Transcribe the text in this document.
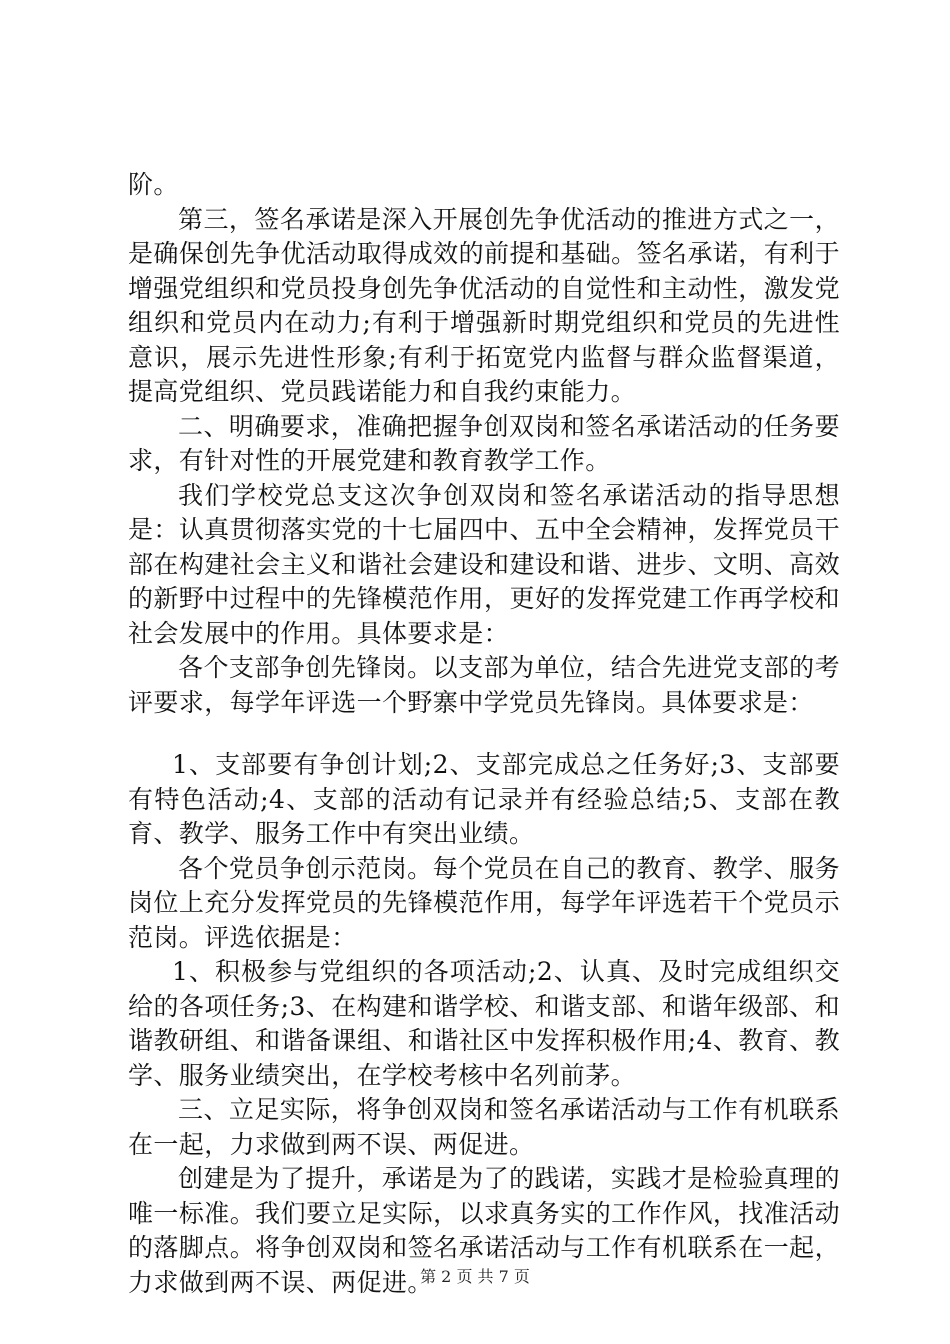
阶。

第三，签名承诺是深入开展创先争优活动的推进方式之一，是确保创先争优活动取得成效的前提和基础。签名承诺，有利于增强党组织和党员投身创先争优活动的自觉性和主动性，激发党组织和党员内在动力;有利于增强新时期党组织和党员的先进性意识，展示先进性形象;有利于拓宽党内监督与群众监督渠道，提高党组织、党员践诺能力和自我约束能力。

二、明确要求，准确把握争创双岗和签名承诺活动的任务要求，有针对性的开展党建和教育教学工作。

我们学校党总支这次争创双岗和签名承诺活动的指导思想是：认真贯彻落实党的十七届四中、五中全会精神，发挥党员干部在构建社会主义和谐社会建设和建设和谐、进步、文明、高效的新野中过程中的先锋模范作用，更好的发挥党建工作再学校和社会发展中的作用。具体要求是：

各个支部争创先锋岗。以支部为单位，结合先进党支部的考评要求，每学年评选一个野寨中学党员先锋岗。具体要求是：

1、支部要有争创计划;2、支部完成总之任务好;3、支部要有特色活动;4、支部的活动有记录并有经验总结;5、支部在教育、教学、服务工作中有突出业绩。

各个党员争创示范岗。每个党员在自己的教育、教学、服务岗位上充分发挥党员的先锋模范作用，每学年评选若干个党员示范岗。评选依据是：

1、积极参与党组织的各项活动;2、认真、及时完成组织交给的各项任务;3、在构建和谐学校、和谐支部、和谐年级部、和谐教研组、和谐备课组、和谐社区中发挥积极作用;4、教育、教学、服务业绩突出，在学校考核中名列前茅。

三、立足实际，将争创双岗和签名承诺活动与工作有机联系在一起，力求做到两不误、两促进。

创建是为了提升，承诺是为了的践诺，实践才是检验真理的唯一标准。我们要立足实际，以求真务实的工作作风，找准活动的落脚点。将争创双岗和签名承诺活动与工作有机联系在一起，力求做到两不误、两促进。

第 2 页 共 7 页
